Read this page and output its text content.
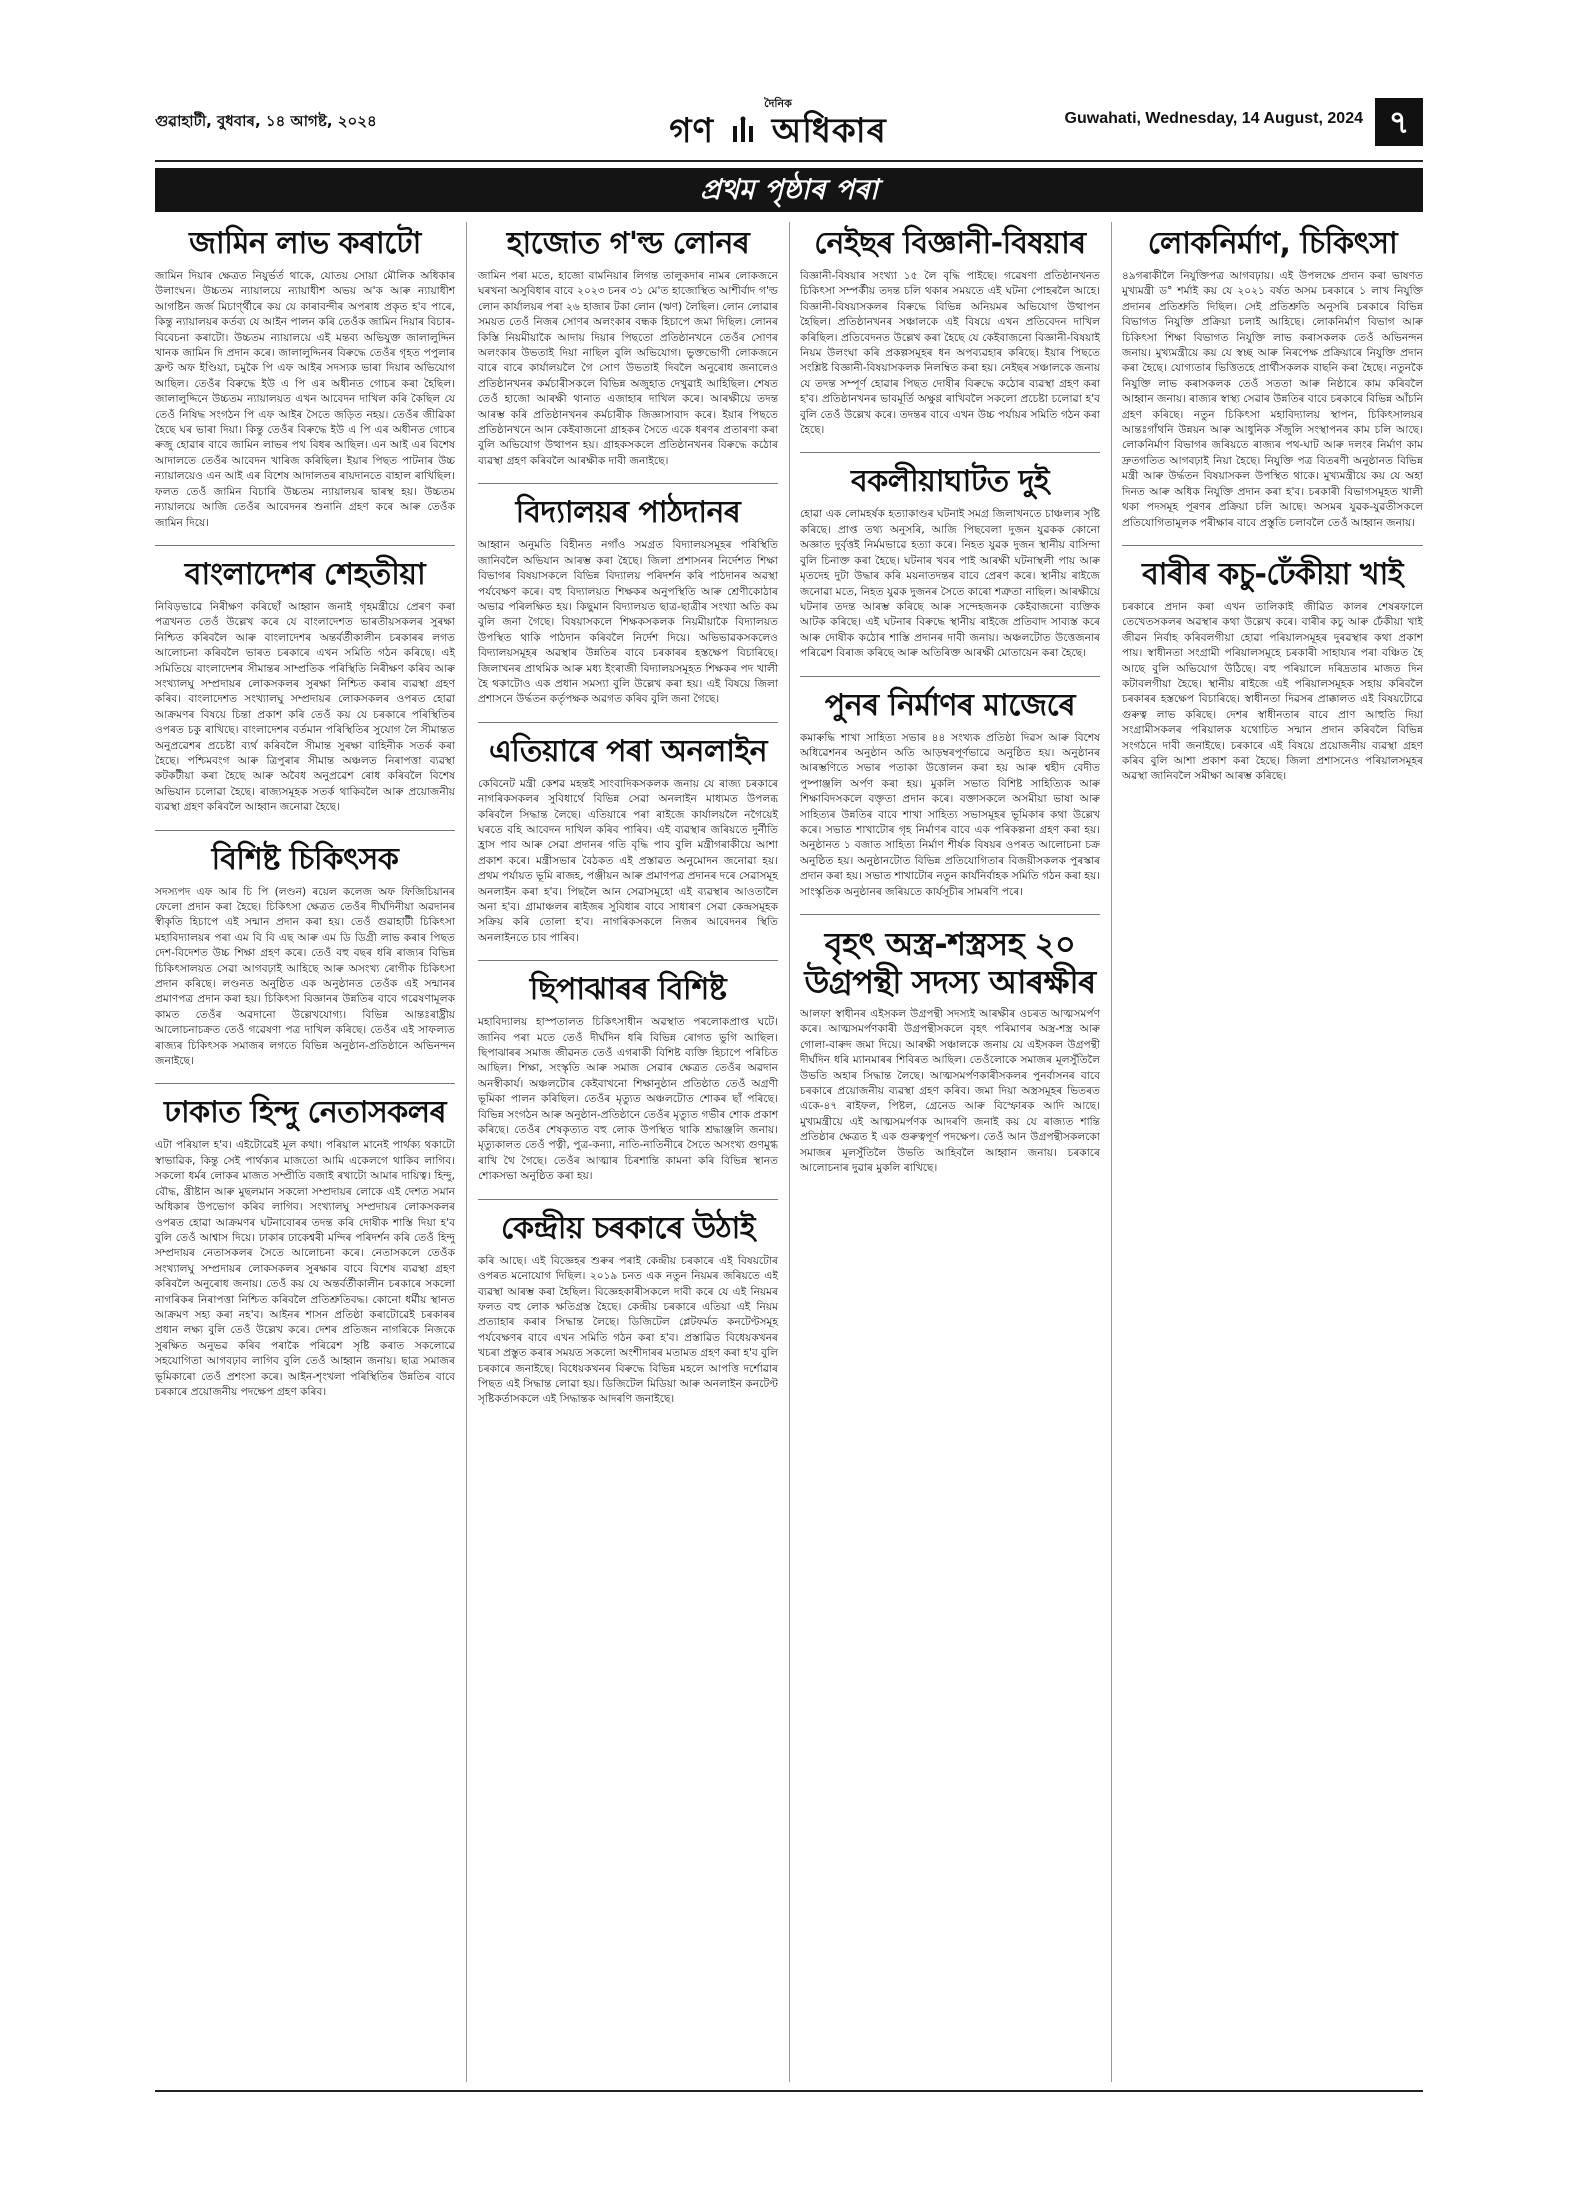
গুৱাহাটী, বুধবাৰ, ১৪ আগষ্ট, ২০২৪
দৈনিক
গণ অধিকাৰ	Guwahati, Wednesday, 14 August, 2024 ৭
প্ৰথম পৃষ্ঠাৰ পৰা
জামিন লাভ কৰাটো

জামিন দিয়াৰ ক্ষেত্ৰত নিয়ুৰ্ভৰ্ত থাকে, যোতয় সোয়া মৌলিক অধিকাৰ উলাংঘন। উচ্চতম ন্যায়ালয়ে ন্যায়াধীশ অভয় অ'ক আৰু ন্যায়াধীশ আগষ্টিন জৰ্জ মিচাৰ্ণ্থীৰে কয় যে কাৰাবন্দীৰ অপৰাধ প্ৰকৃত হ'ব পাৰে, কিন্তু ন্যায়ালয়ৰ কৰ্তব্য যে আইন পালন কৰি তেওঁক জামিন দিয়াৰ বিচাৰ-বিবেচনা কৰাটো। উচ্চতম ন্যায়ালয়ে এই মন্তব্য অভিযুক্ত জালালুদ্দিন খানক জামিন দি প্ৰদান কৰে। জালালুদ্দিনৰ বিৰুদ্ধে তেওঁৰ গৃহত পপুলাৰ ফ্ৰণ্ট অফ ইণ্ডিয়া, চমুকৈ পি এফ আইৰ সদস্যক ভাৰা দিয়াৰ অভিযোগ আছিল। তেওঁৰ বিৰুদ্ধে ইউ এ পি এৰ অধীনত গোচৰ কৰা হৈছিল। জালালুদ্দিনে উচ্চতম ন্যায়ালয়ত এখন আবেদন দাখিল কৰি কৈছিল যে তেওঁ নিষিদ্ধ সংগঠন পি এফ আইৰ সৈতে জড়িত নহয়। তেওঁৰ জীৱিকা হৈছে ঘৰ ভাৰা দিয়া। কিন্তু তেওঁৰ বিৰুদ্ধে ইউ এ পি এৰ অধীনত গোচৰ ৰুজু হোৱাৰ বাবে জামিন লাভৰ পথ বিধৰ আছিল। এন আই এৰ বিশেষ আদালতে তেওঁৰ আবেদন খাৰিজ কৰিছিল। ইয়াৰ পিছত পাটনাৰ উচ্চ ন্যায়ালয়েও এন আই এৰ বিশেষ আদালতৰ ৰায়দানতে বাহাল ৰাখিছিল। ফলত তেওঁ জামিন বিচাৰি উচ্চতম ন্যায়ালয়ৰ দ্বাৰস্থ হয়। উচ্চতম ন্যায়ালয়ে আজি তেওঁৰ আবেদনৰ শুনানি গ্ৰহণ কৰে আৰু তেওঁক জামিন দিয়ে।

বাংলাদেশৰ শেহতীয়া

নিবিড়ভাৱে নিৰীক্ষণ কৰিছোঁ আহ্বান জনাই গৃহমন্ত্ৰীয়ে প্ৰেৰণ কৰা পত্ৰখনত তেওঁ উল্লেখ কৰে যে বাংলাদেশত ভাৰতীয়সকলৰ সুৰক্ষা নিশ্চিত কৰিবলৈ আৰু বাংলাদেশৰ অন্তৰ্বৰ্তীকালীন চৰকাৰৰ লগত আলোচনা কৰিবলৈ ভাৰত চৰকাৰে এখন সমিতি গঠন কৰিছে। এই সমিতিয়ে বাংলাদেশৰ সীমান্তৰ সাম্প্ৰতিক পৰিস্থিতি নিৰীক্ষণ কৰিব আৰু সংখ্যালঘু সম্প্ৰদায়ৰ লোকসকলৰ সুৰক্ষা নিশ্চিত কৰাৰ ব্যৱস্থা গ্ৰহণ কৰিব। বাংলাদেশত সংখ্যালঘু সম্প্ৰদায়ৰ লোকসকলৰ ওপৰত হোৱা আক্ৰমণৰ বিষয়ে চিন্তা প্ৰকাশ কৰি তেওঁ কয় যে চৰকাৰে পৰিস্থিতিৰ ওপৰত চকু ৰাখিছে। বাংলাদেশৰ বৰ্তমান পৰিস্থিতিৰ সুযোগ লৈ সীমান্তত অনুপ্ৰৱেশৰ প্ৰচেষ্টা ব্যৰ্থ কৰিবলৈ সীমান্ত সুৰক্ষা বাহিনীক সতৰ্ক কৰা হৈছে। পশ্চিমবংগ আৰু ত্ৰিপুৰাৰ সীমান্ত অঞ্চলত নিৰাপত্তা ব্যৱস্থা কটকটীয়া কৰা হৈছে আৰু অবৈধ অনুপ্ৰৱেশ ৰোধ কৰিবলৈ বিশেষ অভিযান চলোৱা হৈছে। ৰাজ্যসমূহক সতৰ্ক থাকিবলৈ আৰু প্ৰয়োজনীয় ব্যৱস্থা গ্ৰহণ কৰিবলৈ আহ্বান জনোৱা হৈছে।

বিশিষ্ট চিকিৎসক

সদস্যপদ এফ আৰ চি পি (লণ্ডন) ৰয়েল কলেজ অফ ফিজিচিয়ানৰ ফেলো প্ৰদান কৰা হৈছে। চিকিৎসা ক্ষেত্ৰত তেওঁৰ দীৰ্ঘদিনীয়া অৱদানৰ স্বীকৃতি হিচাপে এই সন্মান প্ৰদান কৰা হয়। তেওঁ গুৱাহাটী চিকিৎসা মহাবিদ্যালয়ৰ পৰা এম বি বি এছ আৰু এম ডি ডিগ্ৰী লাভ কৰাৰ পিছত দেশ-বিদেশত উচ্চ শিক্ষা গ্ৰহণ কৰে। তেওঁ বহু বছৰ ধৰি ৰাজ্যৰ বিভিন্ন চিকিৎসালয়ত সেৱা আগবঢ়াই আহিছে আৰু অসংখ্য ৰোগীক চিকিৎসা প্ৰদান কৰিছে। লণ্ডনত অনুষ্ঠিত এক অনুষ্ঠানত তেওঁক এই সন্মানৰ প্ৰমাণপত্ৰ প্ৰদান কৰা হয়। চিকিৎসা বিজ্ঞানৰ উন্নতিৰ বাবে গৱেষণামূলক কামত তেওঁৰ অৱদানো উল্লেখযোগ্য। বিভিন্ন আন্তঃৰাষ্ট্ৰীয় আলোচনাচক্ৰত তেওঁ গৱেষণা পত্ৰ দাখিল কৰিছে। তেওঁৰ এই সাফল্যত ৰাজ্যৰ চিকিৎসক সমাজৰ লগতে বিভিন্ন অনুষ্ঠান-প্ৰতিষ্ঠানে অভিনন্দন জনাইছে।

ঢাকাত হিন্দু নেতাসকলৰ

এটা পৰিয়াল হ'ব। এইটোৱেই মূল কথা। পৰিয়াল মানেই পাৰ্থক্য থকাটো স্বাভাৱিক, কিন্তু সেই পাৰ্থক্যৰ মাজতো আমি একেলগে থাকিব লাগিব। সকলো ধৰ্মৰ লোকৰ মাজত সম্প্ৰীতি বজাই ৰখাটো আমাৰ দায়িত্ব। হিন্দু, বৌদ্ধ, খ্ৰীষ্টান আৰু মুছলমান সকলো সম্প্ৰদায়ৰ লোকে এই দেশত সমান অধিকাৰ উপভোগ কৰিব লাগিব। সংখ্যালঘু সম্প্ৰদায়ৰ লোকসকলৰ ওপৰত হোৱা আক্ৰমণৰ ঘটনাবোৰৰ তদন্ত কৰি দোষীক শাস্তি দিয়া হ'ব বুলি তেওঁ আশ্বাস দিয়ে। ঢাকাৰ ঢাকেশ্বৰী মন্দিৰ পৰিদৰ্শন কৰি তেওঁ হিন্দু সম্প্ৰদায়ৰ নেতাসকলৰ সৈতে আলোচনা কৰে। নেতাসকলে তেওঁক সংখ্যালঘু সম্প্ৰদায়ৰ লোকসকলৰ সুৰক্ষাৰ বাবে বিশেষ ব্যৱস্থা গ্ৰহণ কৰিবলৈ অনুৰোধ জনায়। তেওঁ কয় যে অন্তৰ্বৰ্তীকালীন চৰকাৰে সকলো নাগৰিকৰ নিৰাপত্তা নিশ্চিত কৰিবলৈ প্ৰতিশ্ৰুতিবদ্ধ। কোনো ধৰ্মীয় স্থানত আক্ৰমণ সহ্য কৰা নহ'ব। আইনৰ শাসন প্ৰতিষ্ঠা কৰাটোৱেই চৰকাৰৰ প্ৰধান লক্ষ্য বুলি তেওঁ উল্লেখ কৰে। দেশৰ প্ৰতিজন নাগৰিকে নিজকে সুৰক্ষিত অনুভৱ কৰিব পৰাকৈ পৰিৱেশ সৃষ্টি কৰাত সকলোৱে সহযোগিতা আগবঢ়াব লাগিব বুলি তেওঁ আহ্বান জনায়। ছাত্ৰ সমাজৰ ভূমিকাৰো তেওঁ প্ৰশংসা কৰে। আইন-শৃংখলা পৰিস্থিতিৰ উন্নতিৰ বাবে চৰকাৰে প্ৰয়োজনীয় পদক্ষেপ গ্ৰহণ কৰিব।

হাজোত গ'ল্ড লোনৰ

জামিন পৰা মতে, হাজো বামনিয়াৰ লিগন্ত তালুকদাৰ নামৰ লোকজনে ঘৰখনা অসুবিধাৰ বাবে ২০২৩ চনৰ ৩১ মে'ত হাজোস্থিত আশীৰ্বাদ গ'ল্ড লোন কাৰ্যালয়ৰ পৰা ২৬ হাজাৰ টকা লোন (ঋণ) লৈছিল। লোন লোৱাৰ সময়ত তেওঁ নিজৰ সোণৰ অলংকাৰ বন্ধক হিচাপে জমা দিছিল। লোনৰ কিস্তি নিয়মীয়াকৈ আদায় দিয়াৰ পিছতো প্ৰতিষ্ঠানখনে তেওঁৰ সোণৰ অলংকাৰ উভতাই দিয়া নাছিল বুলি অভিযোগ। ভুক্তভোগী লোকজনে বাৰে বাৰে কাৰ্যালয়লৈ গৈ সোণ উভতাই দিবলৈ অনুৰোধ জনালেও প্ৰতিষ্ঠানখনৰ কৰ্মচাৰীসকলে বিভিন্ন অজুহাত দেখুৱাই আহিছিল। শেষত তেওঁ হাজো আৰক্ষী থানাত এজাহাৰ দাখিল কৰে। আৰক্ষীয়ে তদন্ত আৰম্ভ কৰি প্ৰতিষ্ঠানখনৰ কৰ্মচাৰীক জিজ্ঞাসাবাদ কৰে। ইয়াৰ পিছতে প্ৰতিষ্ঠানখনে আন কেইবাজনো গ্ৰাহকৰ সৈতে একে ধৰণৰ প্ৰতাৰণা কৰা বুলি অভিযোগ উত্থাপন হয়। গ্ৰাহকসকলে প্ৰতিষ্ঠানখনৰ বিৰুদ্ধে কঠোৰ ব্যৱস্থা গ্ৰহণ কৰিবলৈ আৰক্ষীক দাবী জনাইছে।

বিদ্যালয়ৰ পাঠদানৰ

আহ্বান অনুমতি বিহীনত নগাঁও সমগ্ৰত বিদ্যালয়সমূহৰ পৰিস্থিতি জানিবলৈ অভিযান আৰম্ভ কৰা হৈছে। জিলা প্ৰশাসনৰ নিৰ্দেশত শিক্ষা বিভাগৰ বিষয়াসকলে বিভিন্ন বিদ্যালয় পৰিদৰ্শন কৰি পাঠদানৰ অৱস্থা পৰ্যবেক্ষণ কৰে। বহু বিদ্যালয়ত শিক্ষকৰ অনুপস্থিতি আৰু শ্ৰেণীকোঠাৰ অভাৱ পৰিলক্ষিত হয়। কিছুমান বিদ্যালয়ত ছাত্ৰ-ছাত্ৰীৰ সংখ্যা অতি কম বুলি জনা গৈছে। বিষয়াসকলে শিক্ষকসকলক নিয়মীয়াকৈ বিদ্যালয়ত উপস্থিত থাকি পাঠদান কৰিবলৈ নিৰ্দেশ দিয়ে। অভিভাৱকসকলেও বিদ্যালয়সমূহৰ অৱস্থাৰ উন্নতিৰ বাবে চৰকাৰৰ হস্তক্ষেপ বিচাৰিছে। জিলাখনৰ প্ৰাথমিক আৰু মধ্য ইংৰাজী বিদ্যালয়সমূহত শিক্ষকৰ পদ খালী হৈ থকাটোও এক প্ৰধান সমস্যা বুলি উল্লেখ কৰা হয়। এই বিষয়ে জিলা প্ৰশাসনে উৰ্দ্ধতন কৰ্তৃপক্ষক অৱগত কৰিব বুলি জনা গৈছে।

এতিয়াৰে পৰা অনলাইন

কেবিনেট মন্ত্ৰী কেশৱ মহন্তই সাংবাদিকসকলক জনায় যে ৰাজ্য চৰকাৰে নাগৰিকসকলৰ সুবিধাৰ্থে বিভিন্ন সেৱা অনলাইন মাধ্যমত উপলব্ধ কৰিবলৈ সিদ্ধান্ত লৈছে। এতিয়াৰে পৰা ৰাইজে কাৰ্যালয়লৈ নগৈয়েই ঘৰতে বহি আবেদন দাখিল কৰিব পাৰিব। এই ব্যৱস্থাৰ জৰিয়তে দুৰ্নীতি হ্ৰাস পাব আৰু সেৱা প্ৰদানৰ গতি বৃদ্ধি পাব বুলি মন্ত্ৰীগৰাকীয়ে আশা প্ৰকাশ কৰে। মন্ত্ৰীসভাৰ বৈঠকত এই প্ৰস্তাৱত অনুমোদন জনোৱা হয়। প্ৰথম পৰ্যায়ত ভূমি ৰাজহ, পঞ্জীয়ন আৰু প্ৰমাণপত্ৰ প্ৰদানৰ দৰে সেৱাসমূহ অনলাইন কৰা হ'ব। পিছলৈ আন সেৱাসমূহো এই ব্যৱস্থাৰ আওতালৈ অনা হ'ব। গ্ৰামাঞ্চলৰ ৰাইজৰ সুবিধাৰ বাবে সাধাৰণ সেৱা কেন্দ্ৰসমূহক সক্ৰিয় কৰি তোলা হ'ব। নাগৰিকসকলে নিজৰ আবেদনৰ স্থিতি অনলাইনতে চাব পাৰিব।

ছিপাঝাৰৰ বিশিষ্ট

মহাবিদ্যালয় হাস্পতালত চিকিৎসাধীন অৱস্থাত পৰলোকপ্ৰাপ্ত ঘটে। জানিব পৰা মতে তেওঁ দীৰ্ঘদিন ধৰি বিভিন্ন ৰোগত ভুগি আছিল। ছিপাঝাৰৰ সমাজ জীৱনত তেওঁ এগৰাকী বিশিষ্ট ব্যক্তি হিচাপে পৰিচিত আছিল। শিক্ষা, সংস্কৃতি আৰু সমাজ সেৱাৰ ক্ষেত্ৰত তেওঁৰ অৱদান অনস্বীকাৰ্য। অঞ্চলটোৰ কেইবাখনো শিক্ষানুষ্ঠান প্ৰতিষ্ঠাত তেওঁ অগ্ৰণী ভূমিকা পালন কৰিছিল। তেওঁৰ মৃত্যুত অঞ্চলটোত শোকৰ ছাঁ পৰিছে। বিভিন্ন সংগঠন আৰু অনুষ্ঠান-প্ৰতিষ্ঠানে তেওঁৰ মৃত্যুত গভীৰ শোক প্ৰকাশ কৰিছে। তেওঁৰ শেষকৃত্যত বহু লোক উপস্থিত থাকি শ্ৰদ্ধাঞ্জলি জনায়। মৃত্যুকালত তেওঁ পত্নী, পুত্ৰ-কন্যা, নাতি-নাতিনীৰে সৈতে অসংখ্য গুণমুগ্ধ ৰাখি থৈ গৈছে। তেওঁৰ আত্মাৰ চিৰশান্তি কামনা কৰি বিভিন্ন স্থানত শোকসভা অনুষ্ঠিত কৰা হয়।

কেন্দ্ৰীয় চৰকাৰে উঠাই

কৰি আছে। এই বিজ্ঞেহৰ শুৰুৰ পৰাই কেন্দ্ৰীয় চৰকাৰে এই বিষয়টোৰ ওপৰত মনোযোগ দিছিল। ২০১৯ চনত এক নতুন নিয়মৰ জৰিয়তে এই ব্যৱস্থা আৰম্ভ কৰা হৈছিল। বিজ্ঞেহকাৰীসকলে দাবী কৰে যে এই নিয়মৰ ফলত বহু লোক ক্ষতিগ্ৰস্ত হৈছে। কেন্দ্ৰীয় চৰকাৰে এতিয়া এই নিয়ম প্ৰত্যাহাৰ কৰাৰ সিদ্ধান্ত লৈছে। ডিজিটেল প্লেটফৰ্মত কনটেণ্টসমূহ পৰ্যবেক্ষণৰ বাবে এখন সমিতি গঠন কৰা হ'ব। প্ৰস্তাৱিত বিধেয়কখনৰ খচৰা প্ৰস্তুত কৰাৰ সময়ত সকলো অংশীদাৰৰ মতামত গ্ৰহণ কৰা হ'ব বুলি চৰকাৰে জনাইছে। বিধেয়কখনৰ বিৰুদ্ধে বিভিন্ন মহলে আপত্তি দৰ্শোৱাৰ পিছত এই সিদ্ধান্ত লোৱা হয়। ডিজিটেল মিডিয়া আৰু অনলাইন কনটেণ্ট সৃষ্টিকৰ্তাসকলে এই সিদ্ধান্তক আদৰণি জনাইছে।

নেইছৰ বিজ্ঞানী-বিষয়াৰ

বিজ্ঞানী-বিষয়াৰ সংখ্যা ১৫ লৈ বৃদ্ধি পাইছে। গৱেষণা প্ৰতিষ্ঠানখনত চিকিৎসা সম্পৰ্কীয় তদন্ত চলি থকাৰ সময়তে এই ঘটনা পোহৰলৈ আহে। বিজ্ঞানী-বিষয়াসকলৰ বিৰুদ্ধে বিভিন্ন অনিয়মৰ অভিযোগ উত্থাপন হৈছিল। প্ৰতিষ্ঠানখনৰ সঞ্চালকে এই বিষয়ে এখন প্ৰতিবেদন দাখিল কৰিছিল। প্ৰতিবেদনত উল্লেখ কৰা হৈছে যে কেইবাজনো বিজ্ঞানী-বিষয়াই নিয়ম উলংঘা কৰি প্ৰকল্পসমূহৰ ধন অপব্যৱহাৰ কৰিছে। ইয়াৰ পিছতে সংশ্লিষ্ট বিজ্ঞানী-বিষয়াসকলক নিলম্বিত কৰা হয়। নেইছৰ সঞ্চালকে জনায় যে তদন্ত সম্পূৰ্ণ হোৱাৰ পিছত দোষীৰ বিৰুদ্ধে কঠোৰ ব্যৱস্থা গ্ৰহণ কৰা হ'ব। প্ৰতিষ্ঠানখনৰ ভাবমূৰ্তি অক্ষুণ্ণ ৰাখিবলৈ সকলো প্ৰচেষ্টা চলোৱা হ'ব বুলি তেওঁ উল্লেখ কৰে। তদন্তৰ বাবে এখন উচ্চ পৰ্যায়ৰ সমিতি গঠন কৰা হৈছে।

বকলীয়াঘাটত দুই

হোৱা এক লোমহৰ্ষক হত্যাকাণ্ডৰ ঘটনাই সমগ্ৰ জিলাখনতে চাঞ্চল্যৰ সৃষ্টি কৰিছে। প্ৰাপ্ত তথ্য অনুসৰি, আজি পিছবেলা দুজন যুৱকক কোনো অজ্ঞাত দুৰ্বৃত্তই নিৰ্মমভাৱে হত্যা কৰে। নিহত যুৱক দুজন স্থানীয় বাসিন্দা বুলি চিনাক্ত কৰা হৈছে। ঘটনাৰ খবৰ পাই আৰক্ষী ঘটনাস্থলী পায় আৰু মৃতদেহ দুটা উদ্ধাৰ কৰি ময়নাতদন্তৰ বাবে প্ৰেৰণ কৰে। স্থানীয় ৰাইজে জনোৱা মতে, নিহত যুৱক দুজনৰ সৈতে কাৰো শত্ৰুতা নাছিল। আৰক্ষীয়ে ঘটনাৰ তদন্ত আৰম্ভ কৰিছে আৰু সন্দেহজনক কেইবাজনো ব্যক্তিক আটক কৰিছে। এই ঘটনাৰ বিৰুদ্ধে স্থানীয় ৰাইজে প্ৰতিবাদ সাব্যস্ত কৰে আৰু দোষীক কঠোৰ শাস্তি প্ৰদানৰ দাবী জনায়। অঞ্চলটোত উত্তেজনাৰ পৰিৱেশ বিৰাজ কৰিছে আৰু অতিৰিক্ত আৰক্ষী মোতায়েন কৰা হৈছে।

পুনৰ নিৰ্মাণৰ মাজেৰে

কমাৰুদ্ধি শাখা সাহিত্য সভাৰ ৪৪ সংখ্যক প্ৰতিষ্ঠা দিৱস আৰু বিশেষ অধিৱেশনৰ অনুষ্ঠান অতি আড়ম্বৰপূৰ্ণভাৱে অনুষ্ঠিত হয়। অনুষ্ঠানৰ আৰম্ভণিতে সভাৰ পতাকা উত্তোলন কৰা হয় আৰু শ্বহীদ বেদীত পুষ্পাঞ্জলি অৰ্পণ কৰা হয়। মুকলি সভাত বিশিষ্ট সাহিত্যিক আৰু শিক্ষাবিদসকলে বক্তৃতা প্ৰদান কৰে। বক্তাসকলে অসমীয়া ভাষা আৰু সাহিত্যৰ উন্নতিৰ বাবে শাখা সাহিত্য সভাসমূহৰ ভূমিকাৰ কথা উল্লেখ কৰে। সভাত শাখাটোৰ গৃহ নিৰ্মাণৰ বাবে এক পৰিকল্পনা গ্ৰহণ কৰা হয়। অনুষ্ঠানত ১ বজাত সাহিত্য নিৰ্মাণ শীৰ্ষক বিষয়ৰ ওপৰত আলোচনা চক্ৰ অনুষ্ঠিত হয়। অনুষ্ঠানটোত বিভিন্ন প্ৰতিযোগিতাৰ বিজয়ীসকলক পুৰস্কাৰ প্ৰদান কৰা হয়। সভাত শাখাটোৰ নতুন কাৰ্যনিৰ্বাহক সমিতি গঠন কৰা হয়। সাংস্কৃতিক অনুষ্ঠানৰ জৰিয়তে কাৰ্যসূচীৰ সামৰণি পৰে।

বৃহৎ অস্ত্ৰ-শস্ত্ৰসহ ২০ উগ্ৰপন্থী সদস্য আৰক্ষীৰ

আলফা স্বাধীনৰ এইসকল উগ্ৰপন্থী সদস্যই আৰক্ষীৰ ওচৰত আত্মসমৰ্পণ কৰে। আত্মসমৰ্পণকাৰী উগ্ৰপন্থীসকলে বৃহৎ পৰিমাণৰ অস্ত্ৰ-শস্ত্ৰ আৰু গোলা-বাৰুদ জমা দিয়ে। আৰক্ষী সঞ্চালকে জনায় যে এইসকল উগ্ৰপন্থী দীৰ্ঘদিন ধৰি ম্যানমাৰৰ শিবিৰত আছিল। তেওঁলোকে সমাজৰ মূলসুঁতিলৈ উভতি অহাৰ সিদ্ধান্ত লৈছে। আত্মসমৰ্পণকাৰীসকলৰ পুনৰ্বাসনৰ বাবে চৰকাৰে প্ৰয়োজনীয় ব্যৱস্থা গ্ৰহণ কৰিব। জমা দিয়া অস্ত্ৰসমূহৰ ভিতৰত একে-৪৭ ৰাইফল, পিষ্টল, গ্ৰেনেড আৰু বিস্ফোৰক আদি আছে। মুখ্যমন্ত্ৰীয়ে এই আত্মসমৰ্পণক আদৰণি জনাই কয় যে ৰাজ্যত শান্তি প্ৰতিষ্ঠাৰ ক্ষেত্ৰত ই এক গুৰুত্বপূৰ্ণ পদক্ষেপ। তেওঁ আন উগ্ৰপন্থীসকলকো সমাজৰ মূলসুঁতিলৈ উভতি আহিবলৈ আহ্বান জনায়। চৰকাৰে আলোচনাৰ দুৱাৰ মুকলি ৰাখিছে।

লোকনিৰ্মাণ, চিকিৎসা

৪৯গৰাকীলৈ নিযুক্তিপত্ৰ আগবঢ়ায়। এই উপলক্ষে প্ৰদান কৰা ভাষণত মুখ্যমন্ত্ৰী ড° শৰ্মাই কয় যে ২০২১ বৰ্ষত অসম চৰকাৰে ১ লাখ নিযুক্তি প্ৰদানৰ প্ৰতিশ্ৰুতি দিছিল। সেই প্ৰতিশ্ৰুতি অনুসৰি চৰকাৰে বিভিন্ন বিভাগত নিযুক্তি প্ৰক্ৰিয়া চলাই আহিছে। লোকনিৰ্মাণ বিভাগ আৰু চিকিৎসা শিক্ষা বিভাগত নিযুক্তি লাভ কৰাসকলক তেওঁ অভিনন্দন জনায়। মুখ্যমন্ত্ৰীয়ে কয় যে স্বচ্ছ আৰু নিৰপেক্ষ প্ৰক্ৰিয়াৰে নিযুক্তি প্ৰদান কৰা হৈছে। যোগ্যতাৰ ভিত্তিতহে প্ৰাৰ্থীসকলক বাছনি কৰা হৈছে। নতুনকৈ নিযুক্তি লাভ কৰাসকলক তেওঁ সততা আৰু নিষ্ঠাৰে কাম কৰিবলৈ আহ্বান জনায়। ৰাজ্যৰ স্বাস্থ্য সেৱাৰ উন্নতিৰ বাবে চৰকাৰে বিভিন্ন আঁচনি গ্ৰহণ কৰিছে। নতুন চিকিৎসা মহাবিদ্যালয় স্থাপন, চিকিৎসালয়ৰ আন্তঃগাঁথনি উন্নয়ন আৰু আধুনিক সঁজুলি সংস্থাপনৰ কাম চলি আছে। লোকনিৰ্মাণ বিভাগৰ জৰিয়তে ৰাজ্যৰ পথ-ঘাট আৰু দলংৰ নিৰ্মাণ কাম দ্ৰুতগতিত আগবঢ়াই নিয়া হৈছে। নিযুক্তি পত্ৰ বিতৰণী অনুষ্ঠানত বিভিন্ন মন্ত্ৰী আৰু উৰ্দ্ধতন বিষয়াসকল উপস্থিত থাকে। মুখ্যমন্ত্ৰীয়ে কয় যে অহা দিনত আৰু অধিক নিযুক্তি প্ৰদান কৰা হ'ব। চৰকাৰী বিভাগসমূহত খালী থকা পদসমূহ পূৰণৰ প্ৰক্ৰিয়া চলি আছে। অসমৰ যুৱক-যুৱতীসকলে প্ৰতিযোগিতামূলক পৰীক্ষাৰ বাবে প্ৰস্তুতি চলাবলৈ তেওঁ আহ্বান জনায়।

বাৰীৰ কচু-ঢেঁকীয়া খাই

চৰকাৰে প্ৰদান কৰা এখন তালিকাই জীৱিত কালৰ শেষৰফালে তেখেতসকলৰ অৱস্থাৰ কথা উল্লেখ কৰে। বাৰীৰ কচু আৰু ঢেঁকীয়া খাই জীৱন নিৰ্বাহ কৰিবলগীয়া হোৱা পৰিয়ালসমূহৰ দুৰৱস্থাৰ কথা প্ৰকাশ পায়। স্বাধীনতা সংগ্ৰামী পৰিয়ালসমূহে চৰকাৰী সাহায্যৰ পৰা বঞ্চিত হৈ আছে বুলি অভিযোগ উঠিছে। বহু পৰিয়ালে দৰিদ্ৰতাৰ মাজত দিন কটাবলগীয়া হৈছে। স্থানীয় ৰাইজে এই পৰিয়ালসমূহক সহায় কৰিবলৈ চৰকাৰৰ হস্তক্ষেপ বিচাৰিছে। স্বাধীনতা দিৱসৰ প্ৰাক্কালত এই বিষয়টোৱে গুৰুত্ব লাভ কৰিছে। দেশৰ স্বাধীনতাৰ বাবে প্ৰাণ আহুতি দিয়া সংগ্ৰামীসকলৰ পৰিয়ালক যথোচিত সন্মান প্ৰদান কৰিবলৈ বিভিন্ন সংগঠনে দাবী জনাইছে। চৰকাৰে এই বিষয়ে প্ৰয়োজনীয় ব্যৱস্থা গ্ৰহণ কৰিব বুলি আশা প্ৰকাশ কৰা হৈছে। জিলা প্ৰশাসনেও পৰিয়ালসমূহৰ অৱস্থা জানিবলৈ সমীক্ষা আৰম্ভ কৰিছে।
